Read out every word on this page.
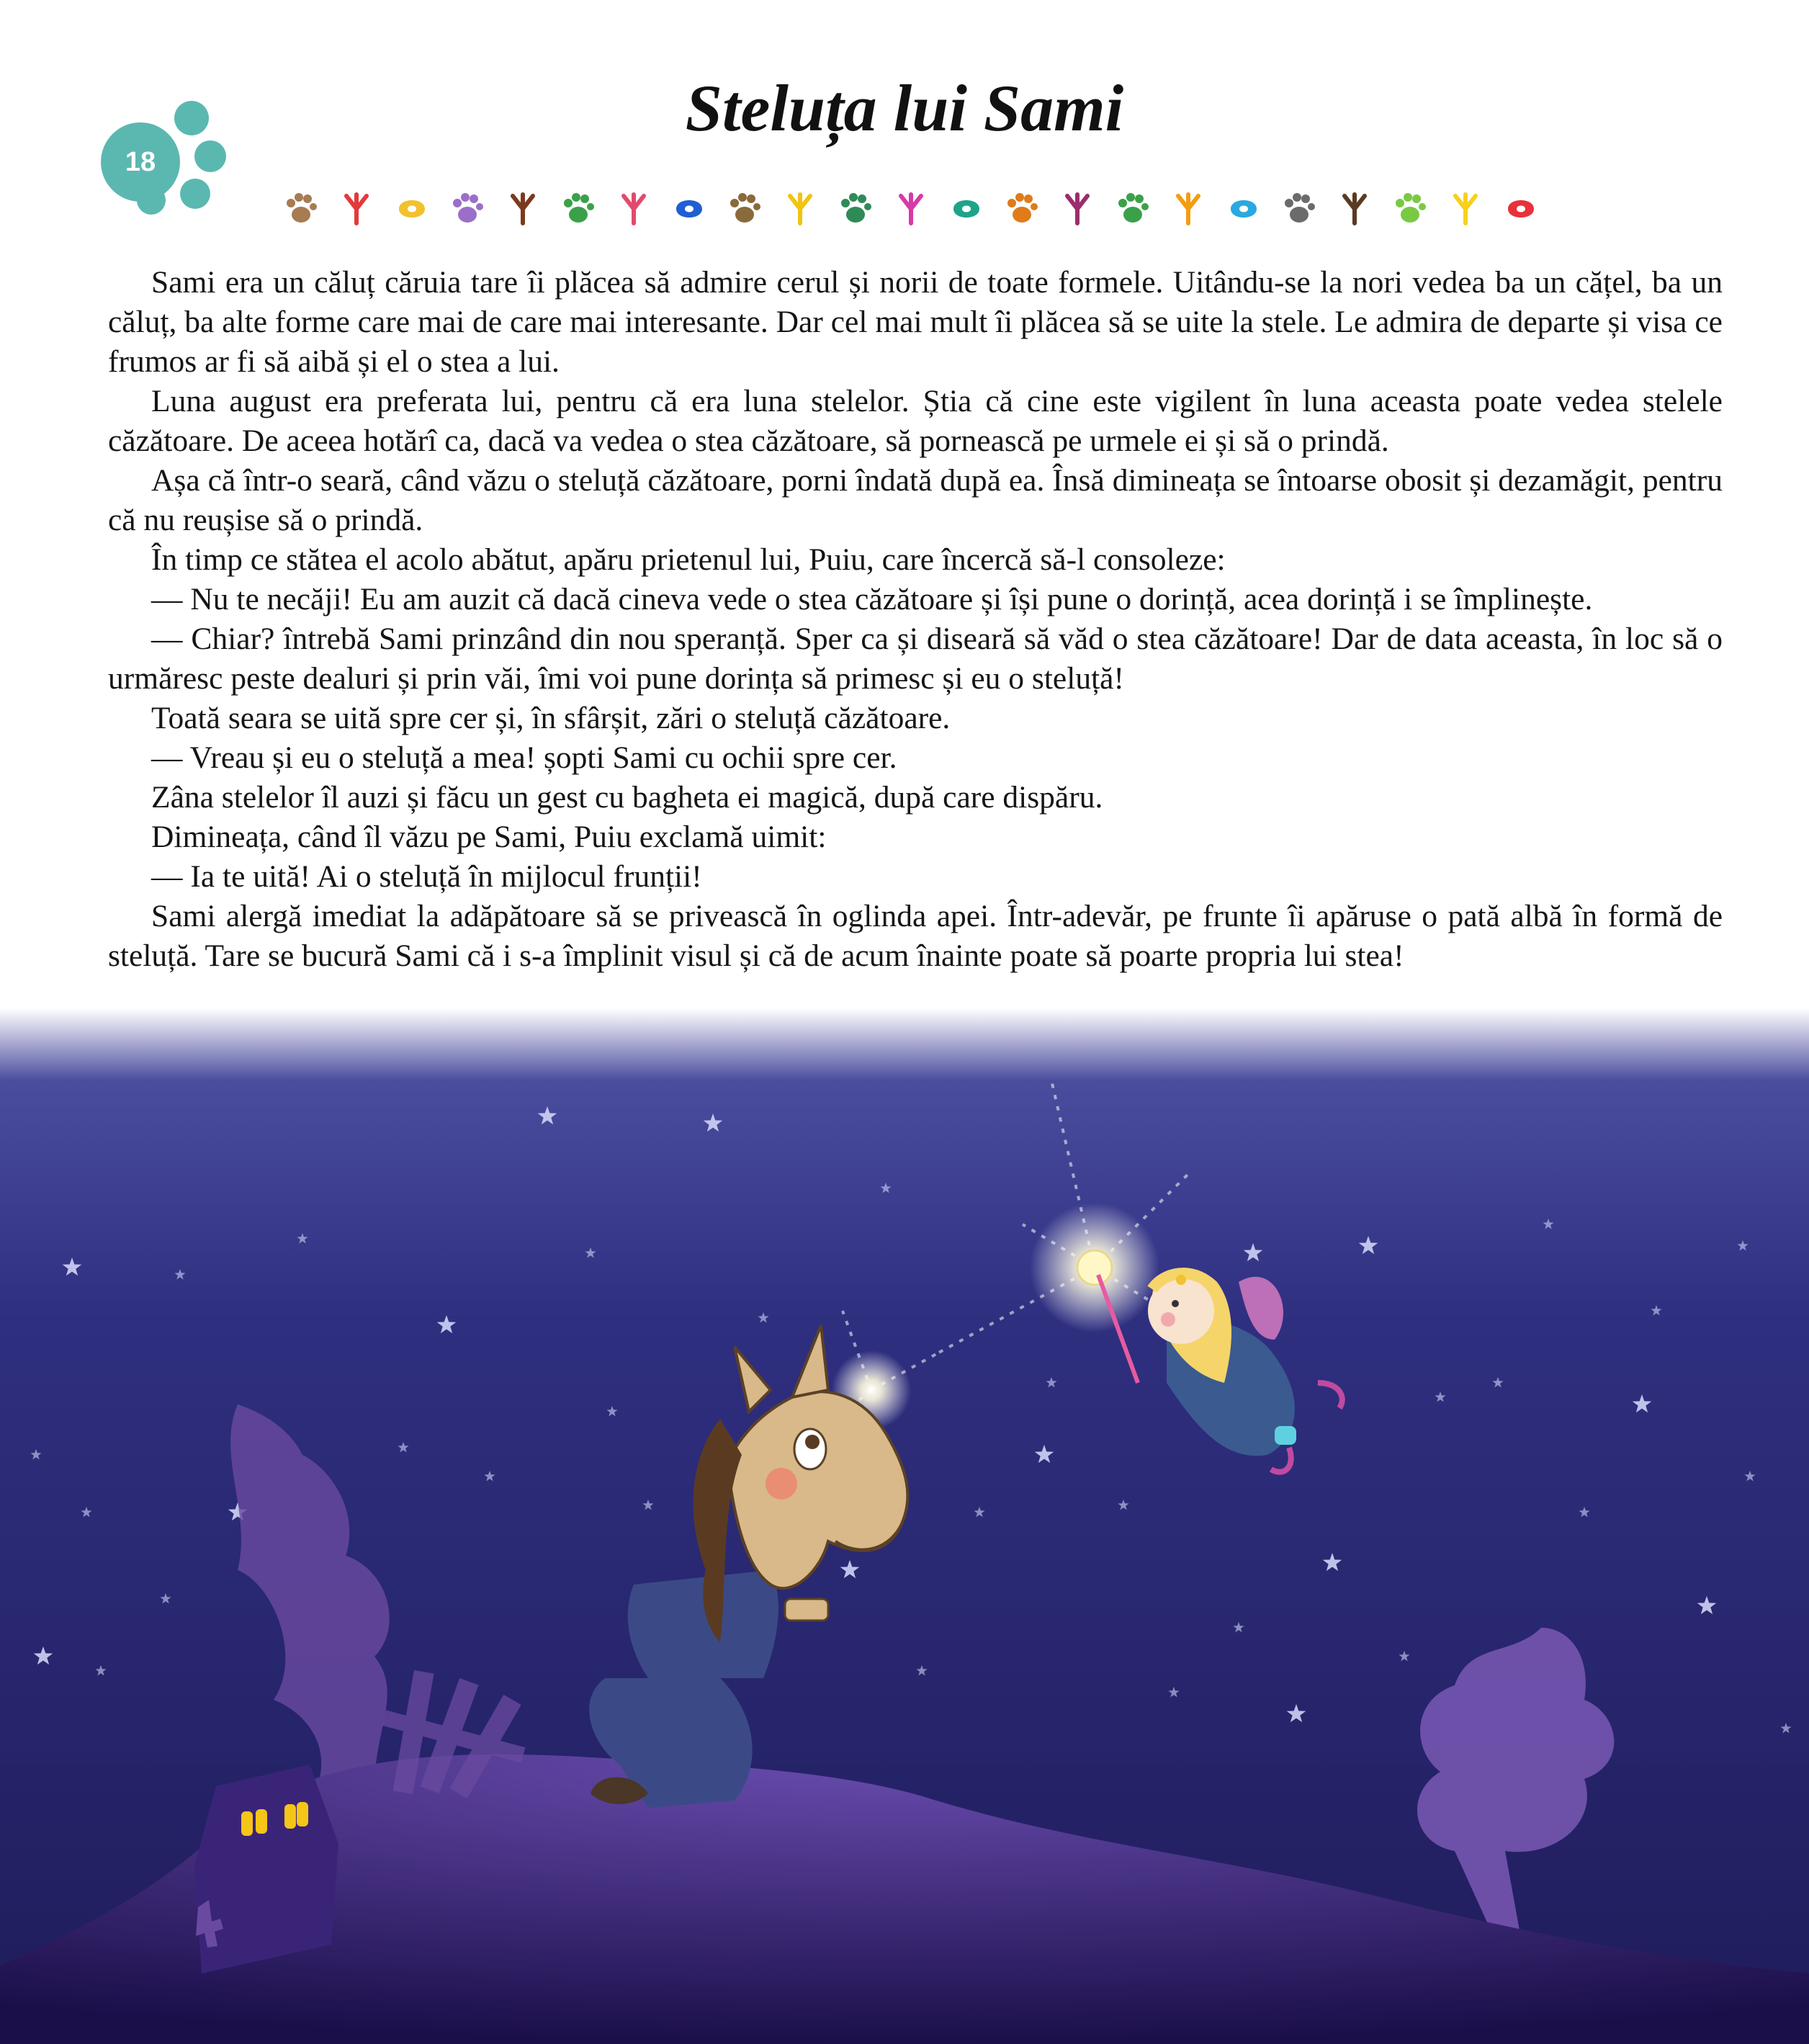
18
Steluța lui Sami

Sami era un căluț căruia tare îi plăcea să admire cerul și norii de toate formele. Uitându-se la nori vedea ba un cățel, ba un căluț, ba alte forme care mai de care mai interesante. Dar cel mai mult îi plăcea să se uite la stele. Le admira de departe și visa ce frumos ar fi să aibă și el o stea a lui.

Luna august era preferata lui, pentru că era luna stelelor. Știa că cine este vigilent în luna aceasta poate vedea stelele căzătoare. De aceea hotărî ca, dacă va vedea o stea căzătoare, să pornească pe urmele ei și să o prindă.

Așa că într-o seară, când văzu o steluță căzătoare, porni îndată după ea. Însă dimineața se întoarse obosit și dezamăgit, pentru că nu reușise să o prindă.

În timp ce stătea el acolo abătut, apăru prietenul lui, Puiu, care încercă să-l consoleze:

— Nu te necăji! Eu am auzit că dacă cineva vede o stea căzătoare și își pune o dorință, acea dorință i se împlinește.

— Chiar? întrebă Sami prinzând din nou speranță. Sper ca și diseară să văd o stea căzătoare! Dar de data aceasta, în loc să o urmăresc peste dealuri și prin văi, îmi voi pune dorința să primesc și eu o steluță!

Toată seara se uită spre cer și, în sfârșit, zări o steluță căzătoare.

— Vreau și eu o steluță a mea! șopti Sami cu ochii spre cer.

Zâna stelelor îl auzi și făcu un gest cu bagheta ei magică, după care dispăru.

Dimineața, când îl văzu pe Sami, Puiu exclamă uimit:

— Ia te uită! Ai o steluță în mijlocul frunții!

Sami alergă imediat la adăpătoare să se privească în oglinda apei. Într-adevăr, pe frunte îi apăruse o pată albă în formă de steluță. Tare se bucură Sami că i s-a împlinit visul și că de acum înainte poate să poarte propria lui stea!
